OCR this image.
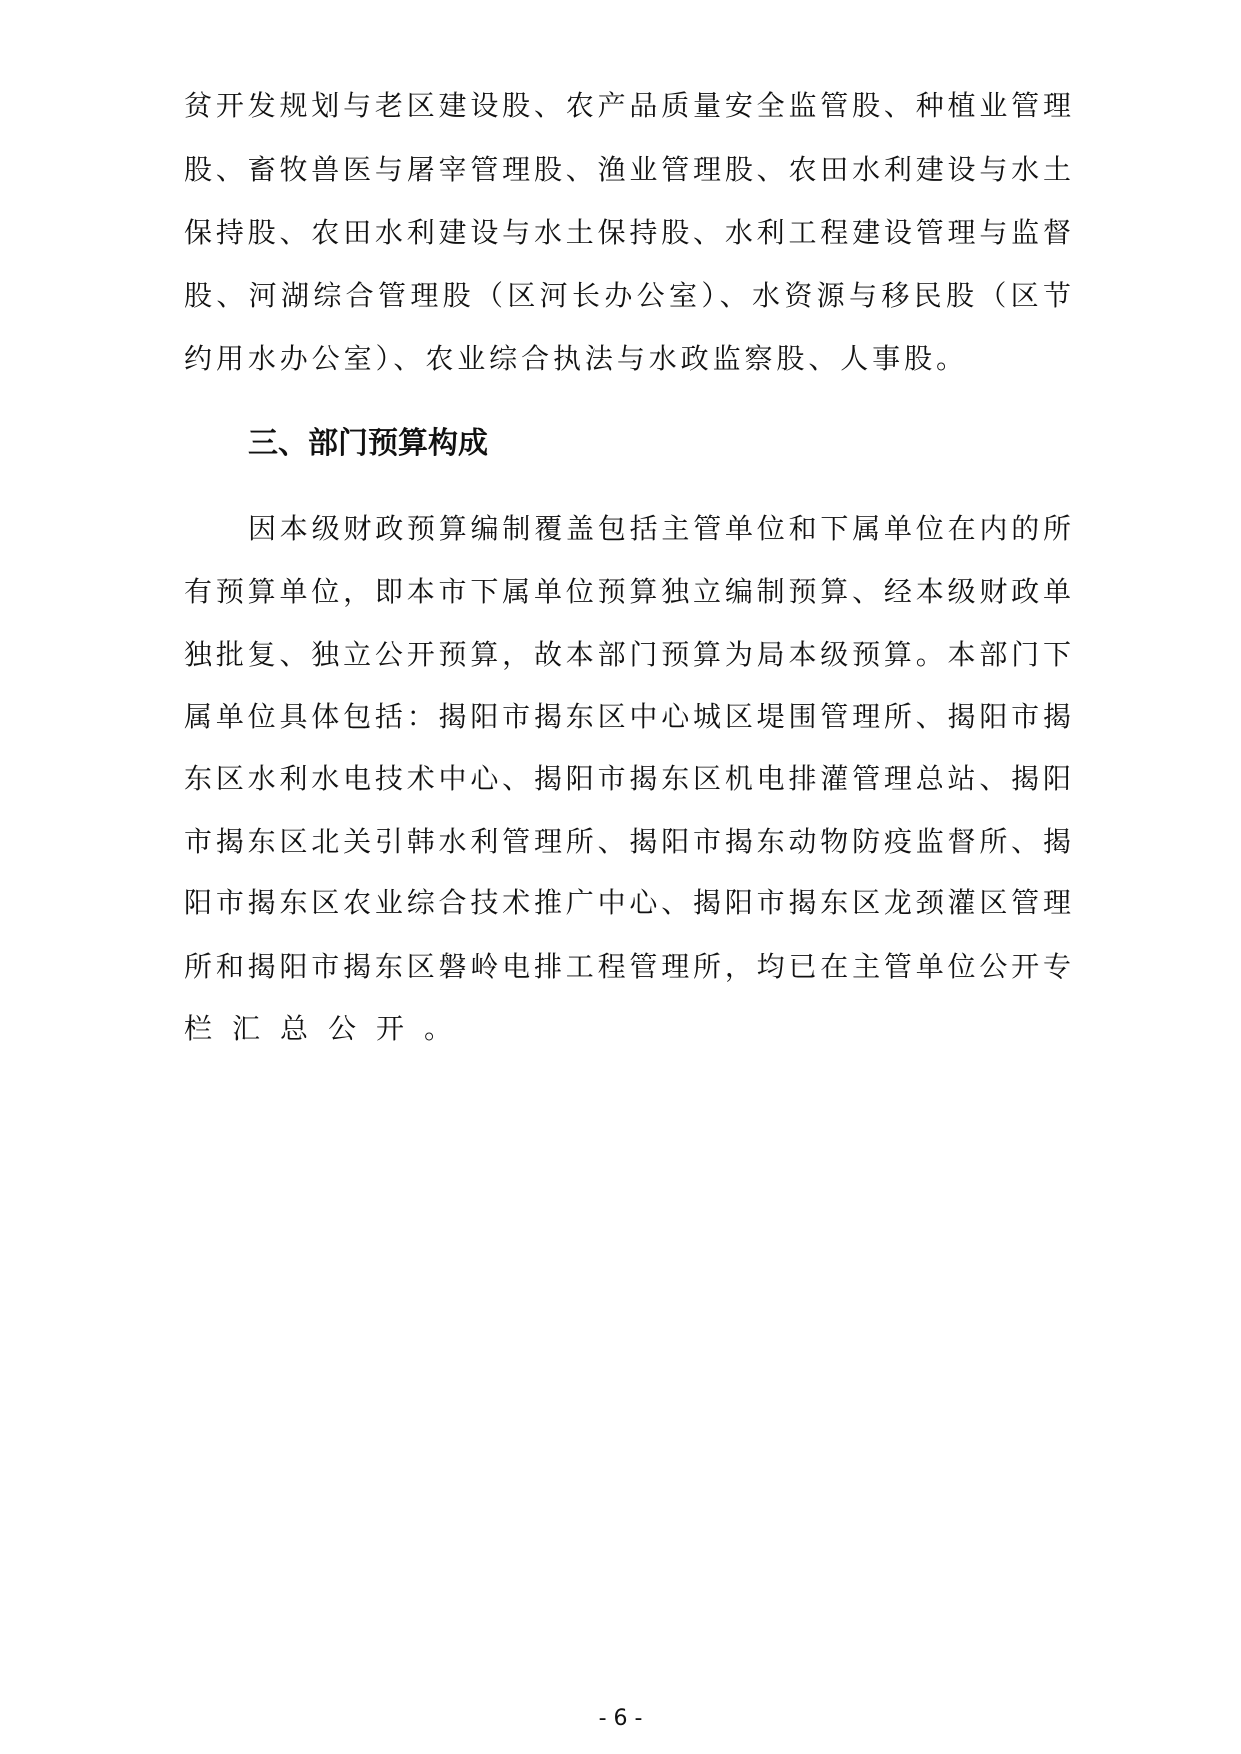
贫开发规划与老区建设股、农产品质量安全监管股、种植业管理
股、畜牧兽医与屠宰管理股、渔业管理股、农田水利建设与水土
保持股、农田水利建设与水土保持股、水利工程建设管理与监督
股、河湖综合管理股（区河长办公室）、水资源与移民股（区节
约用水办公室）、农业综合执法与水政监察股、人事股。
三、部门预算构成
因本级财政预算编制覆盖包括主管单位和下属单位在内的所
有预算单位，即本市下属单位预算独立编制预算、经本级财政单
独批复、独立公开预算，故本部门预算为局本级预算。本部门下
属单位具体包括：揭阳市揭东区中心城区堤围管理所、揭阳市揭
东区水利水电技术中心、揭阳市揭东区机电排灌管理总站、揭阳
市揭东区北关引韩水利管理所、揭阳市揭东动物防疫监督所、揭
阳市揭东区农业综合技术推广中心、揭阳市揭东区龙颈灌区管理
所和揭阳市揭东区磐岭电排工程管理所，均已在主管单位公开专
栏汇总公开。
- 6 -
